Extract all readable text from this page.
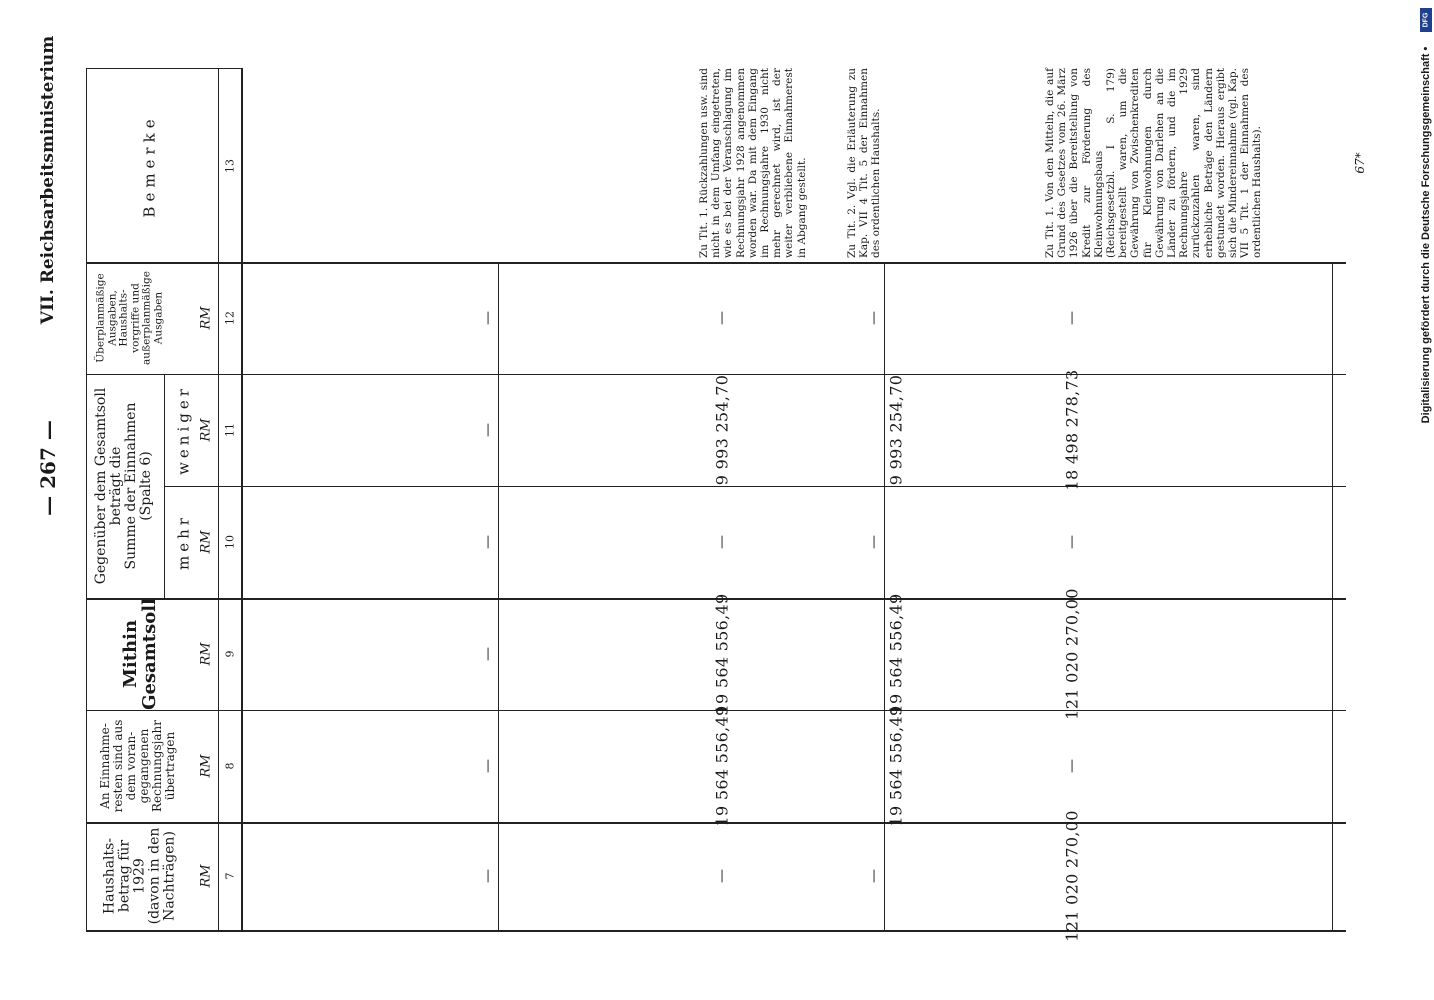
— 267 —
VII. Reichsarbeitsministerium	67*	Digitalisierung gefördert durch die Deutsche Forschungsgemeinschaft •
DFG
Haushalts-
betrag für
1929
(davon in den
Nachträgen)
An Einnahme-
resten sind aus
dem voran-
gegangenen
Rechnungsjahr
übertragen
Mithin
Gesamtsoll
Gegenüber dem Gesamtsoll
beträgt die
Summe der Einnahmen
(Spalte 6)
mehr
weniger
Überplanmäßige
Ausgaben,
Haushalts-
vorgriffe und
außerplanmäßige
Ausgaben
Bemerke
RM
RM
RM
RM
RM
RM
7
8
9
10
11
12
13
—
—
—
—
—
—
—
19 564 556,49
19 564 556,49
—
9 993 254,70
—
Zu Tit. 1. Rückzahlungen usw. sind nicht in dem Umfang eingetreten, wie es bei der Veranschlagung im Rechnungsjahr 1928 angenommen worden war. Da mit dem Eingang im Rechnungsjahre 1930 nicht mehr gerechnet wird, ist der weiter verbliebene Einnahmerest in Abgang gestellt.
—
19 564 556,49
19 564 556,49
—
9 993 254,70
—
Zu Tit. 2. Vgl. die Erläuterung zu Kap. VII 4 Tit. 5 der Einnahmen des ordentlichen Haushalts.
121 020 270,00
—
121 020 270,00
—
18 498 278,73
—
Zu Tit. 1. Von den Mitteln, die auf Grund des Gesetzes vom 26. März 1926 über die Bereitstellung von Kredit zur Förderung des Kleinwohnungsbaus (Reichsgesetzbl. I S. 179) bereitgestellt waren, um die Gewährung von Zwischenkrediten für Kleinwohnungen durch Gewährung von Darlehen an die Länder zu fördern, und die im Rechnungsjahre 1929 zurückzuzahlen waren, sind erhebliche Beträge den Ländern gestundet worden. Hieraus ergibt sich die Mindereinnahme (vgl. Kap. VII 5 Tit. 1 der Einnahmen des ordentlichen Haushalts).
